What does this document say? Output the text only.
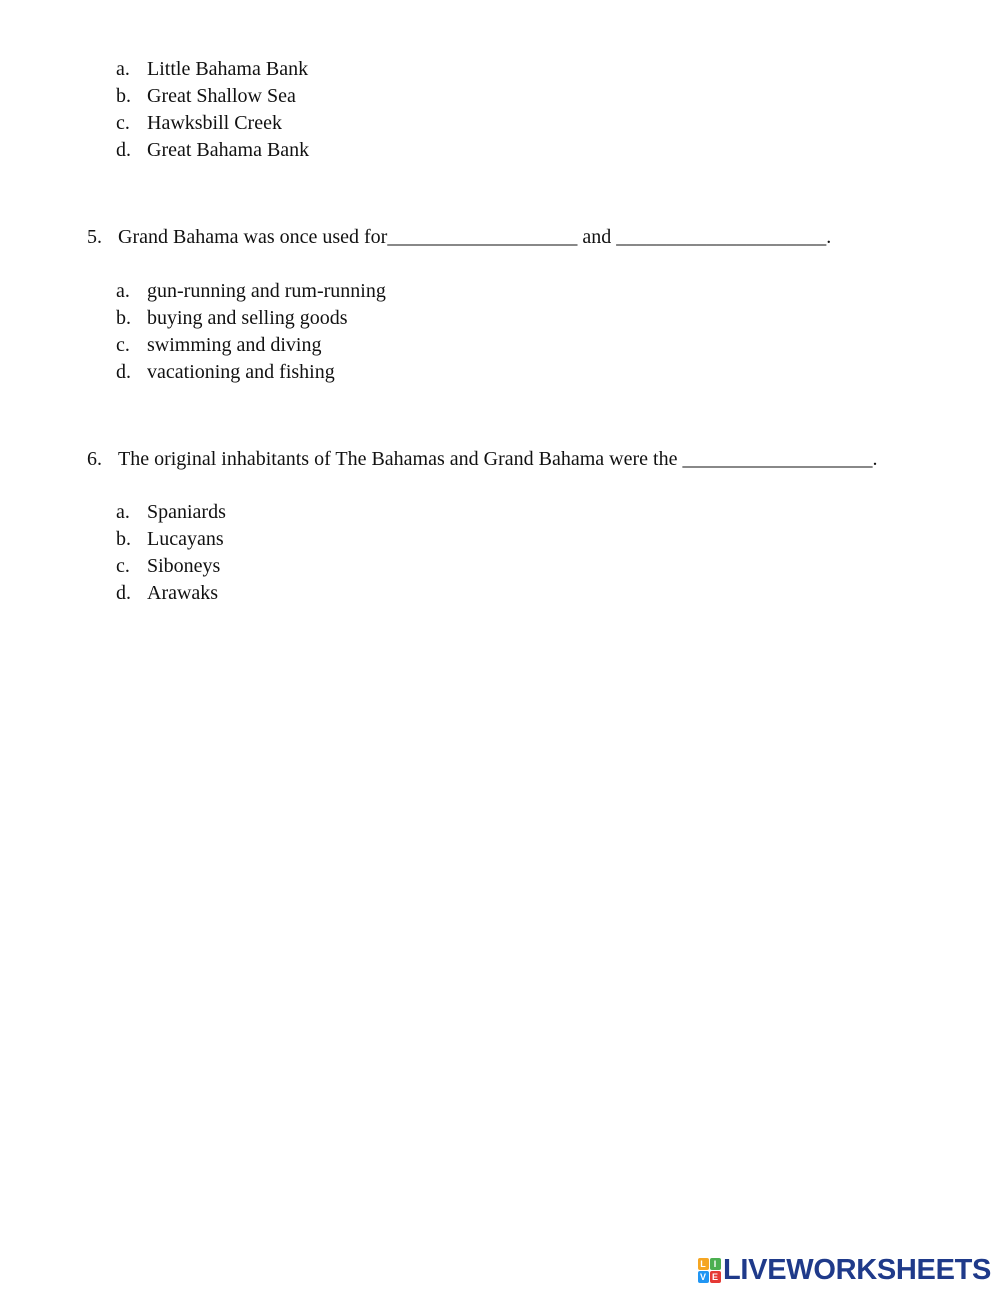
a. Little Bahama Bank
b. Great Shallow Sea
c. Hawksbill Creek
d. Great Bahama Bank
5. Grand Bahama was once used for___________________ and _____________________.
a. gun-running and rum-running
b. buying and selling goods
c. swimming and diving
d. vacationing and fishing
6. The original inhabitants of The Bahamas and Grand Bahama were the ___________________.
a. Spaniards
b. Lucayans
c. Siboneys
d. Arawaks
L I
V E LIVEWORKSHEETS
